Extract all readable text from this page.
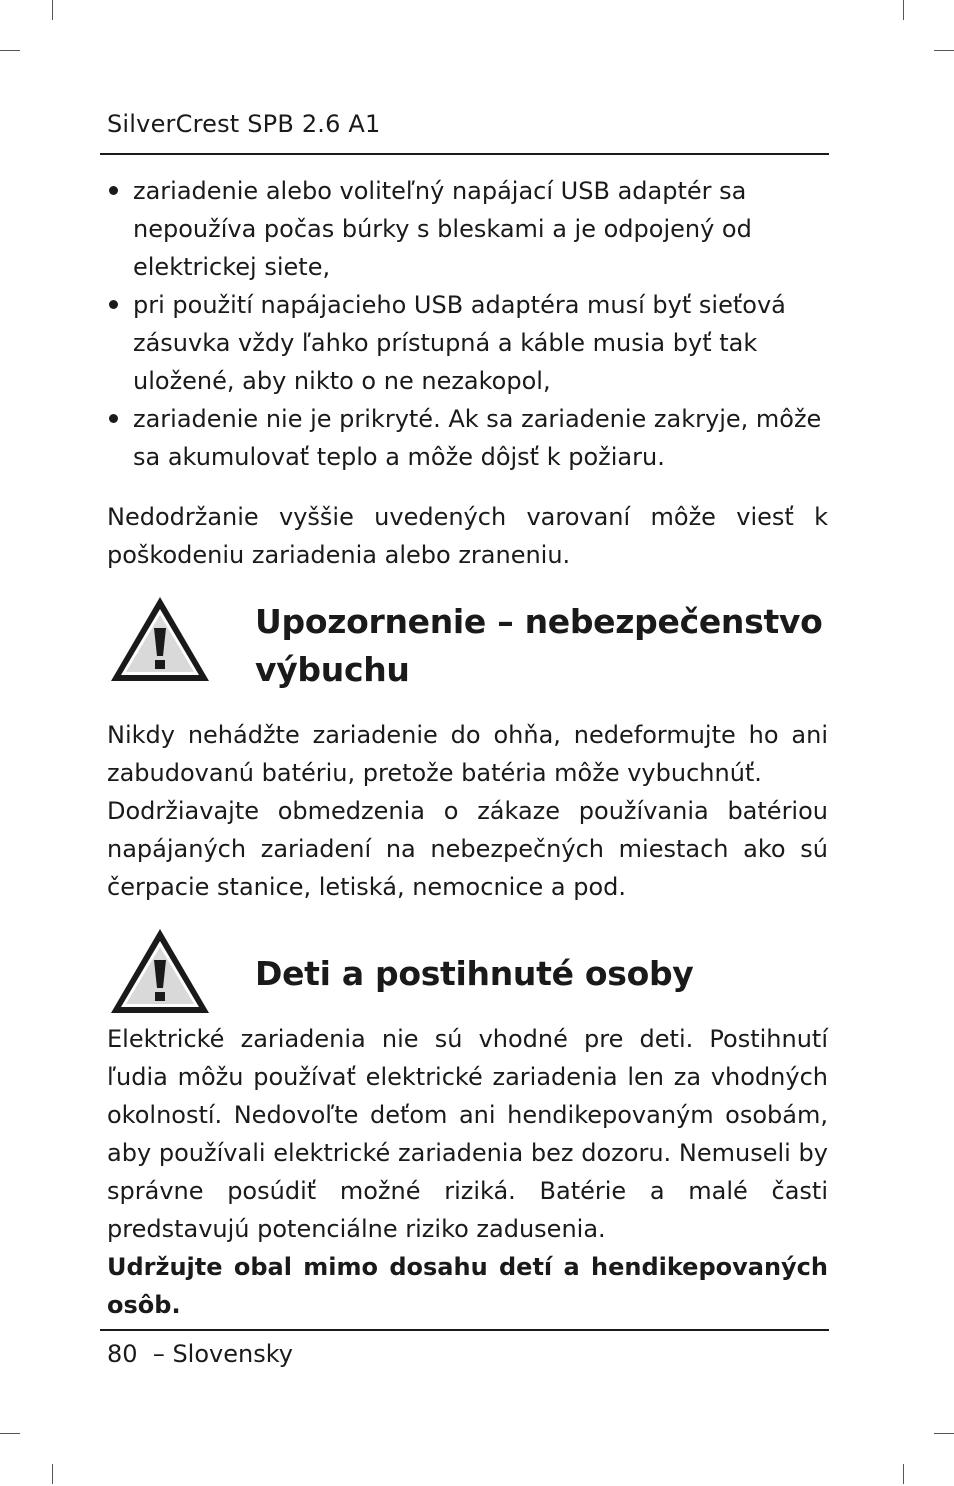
SilverCrest SPB 2.6 A1
zariadenie alebo voliteľný napájací USB adaptér sa nepoužíva počas búrky s bleskami a je odpojený od elektrickej siete,
pri použití napájacieho USB adaptéra musí byť sieťová zásuvka vždy ľahko prístupná a káble musia byť tak uložené, aby nikto o ne nezakopol,
zariadenie nie je prikryté. Ak sa zariadenie zakryje, môže sa akumulovať teplo a môže dôjsť k požiaru.
Nedodržanie vyššie uvedených varovaní môže viesť k poškodeniu zariadenia alebo zraneniu.
Upozornenie – nebezpečenstvo
výbuchu
Nikdy nehádžte zariadenie do ohňa, nedeformujte ho ani zabudovanú batériu, pretože batéria môže vybuchnúť.
Dodržiavajte obmedzenia o zákaze používania batériou napájaných zariadení na nebezpečných miestach ako sú čerpacie stanice, letiská, nemocnice a pod.
Deti a postihnuté osoby
Elektrické zariadenia nie sú vhodné pre deti. Postihnutí ľudia môžu používať elektrické zariadenia len za vhodných okolností. Nedovoľte deťom ani hendikepovaným osobám, aby používali elektrické zariadenia bez dozoru. Nemuseli by správne posúdiť možné riziká. Batérie a malé časti predstavujú potenciálne riziko zadusenia.
Udržujte obal mimo dosahu detí a hendikepovaných osôb.
80 – Slovensky
